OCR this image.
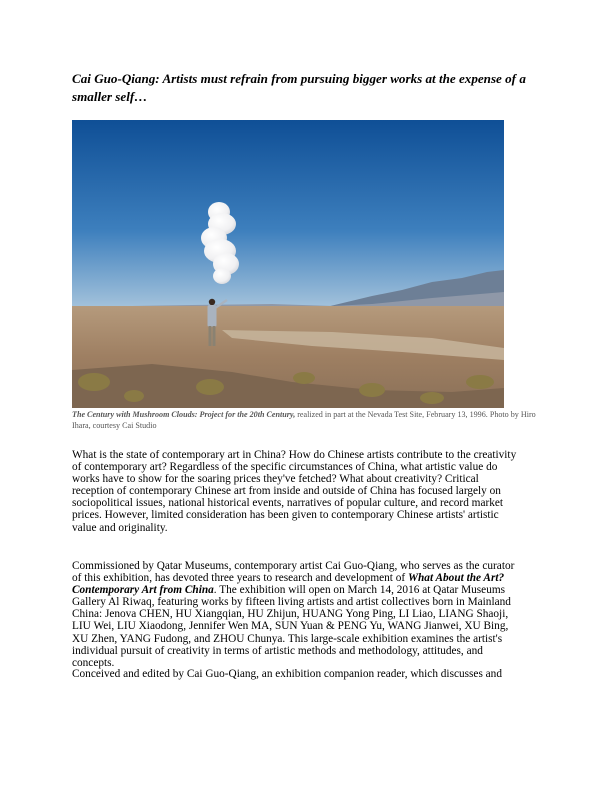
Cai Guo-Qiang: Artists must refrain from pursuing bigger works at the expense of a smaller self…

The Century with Mushroom Clouds: Project for the 20th Century, realized in part at the Nevada Test Site, February 13, 1996. Photo by Hiro Ihara, courtesy Cai Studio

What is the state of contemporary art in China? How do Chinese artists contribute to the creativity of contemporary art? Regardless of the specific circumstances of China, what artistic value do works have to show for the soaring prices they've fetched? What about creativity? Critical reception of contemporary Chinese art from inside and outside of China has focused largely on sociopolitical issues, national historical events, narratives of popular culture, and record market prices. However, limited consideration has been given to contemporary Chinese artists' artistic value and originality.

Commissioned by Qatar Museums, contemporary artist Cai Guo-Qiang, who serves as the curator of this exhibition, has devoted three years to research and development of What About the Art? Contemporary Art from China. The exhibition will open on March 14, 2016 at Qatar Museums Gallery Al Riwaq, featuring works by fifteen living artists and artist collectives born in Mainland China: Jenova CHEN, HU Xiangqian, HU Zhijun, HUANG Yong Ping, LI Liao, LIANG Shaoji, LIU Wei, LIU Xiaodong, Jennifer Wen MA, SUN Yuan & PENG Yu, WANG Jianwei, XU Bing, XU Zhen, YANG Fudong, and ZHOU Chunya. This large-scale exhibition examines the artist's individual pursuit of creativity in terms of artistic methods and methodology, attitudes, and concepts.

Conceived and edited by Cai Guo-Qiang, an exhibition companion reader, which discusses and
